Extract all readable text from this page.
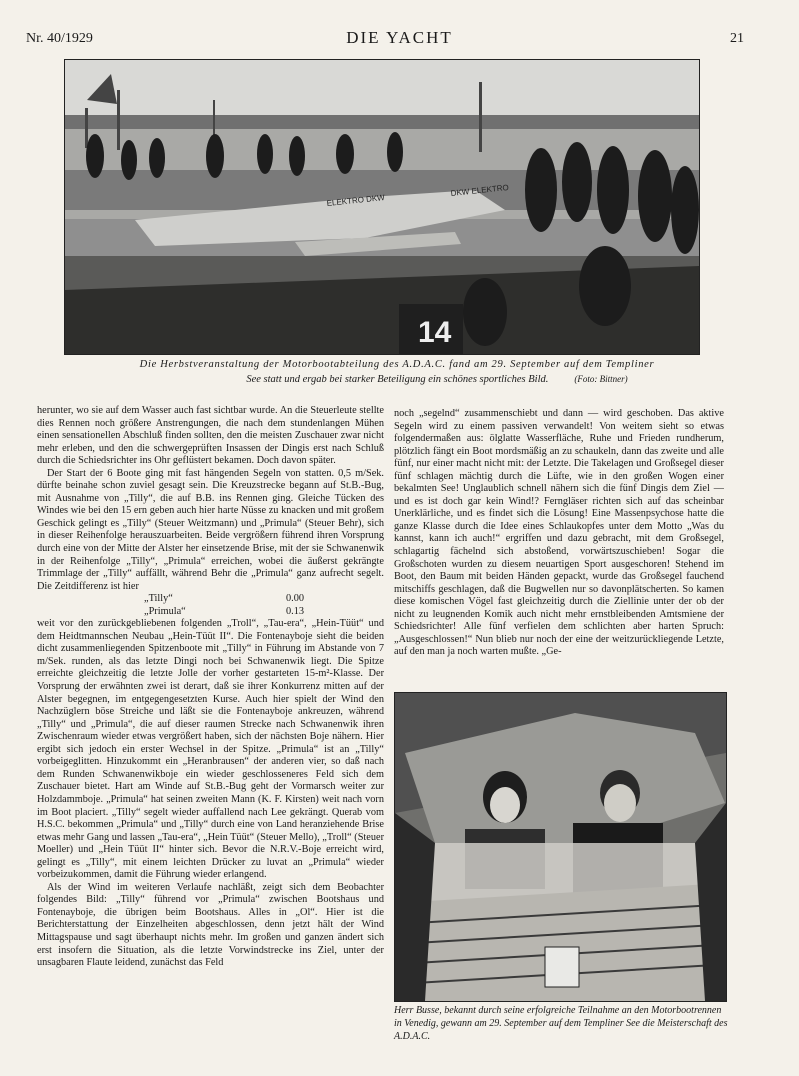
Nr. 40/1929	DIE YACHT	21
14
ELEKTRO DKW
DKW ELEKTRO
Die Herbstveranstaltung der Motorbootabteilung des A.D.A.C. fand am 29. September auf dem Templiner
See statt und ergab bei starker Beteiligung ein schönes sportliches Bild.	(Foto: Bittner)

herunter, wo sie auf dem Wasser auch fast sichtbar wurde. An die Steuerleute stellte dies Rennen noch größere Anstrengungen, die nach dem stundenlangen Mühen einen sensationellen Abschluß finden sollten, den die meisten Zuschauer zwar nicht mehr erleben, und den die schwergeprüften Insassen der Dingis erst nach Schluß durch die Schiedsrichter ins Ohr geflüstert bekamen. Doch davon später.

Der Start der 6 Boote ging mit fast hängenden Segeln von statten. 0,5 m/Sek. dürfte beinahe schon zuviel gesagt sein. Die Kreuzstrecke begann auf St.B.-Bug, mit Ausnahme von „Tilly“, die auf B.B. ins Rennen ging. Gleiche Tücken des Windes wie bei den 15 ern geben auch hier harte Nüsse zu knacken und mit großem Geschick gelingt es „Tilly“ (Steuer Weitzmann) und „Primula“ (Steuer Behr), sich in dieser Reihenfolge herauszuarbeiten. Beide vergrößern führend ihren Vorsprung durch eine von der Mitte der Alster her einsetzende Brise, mit der sie Schwanenwik in der Reihenfolge „Tilly“, „Primula“ erreichen, wobei die äußerst gekrängte Trimmlage der „Tilly“ auffällt, während Behr die „Primula“ ganz aufrecht segelt. Die Zeitdifferenz ist hier

„Tilly“	0.00
„Primula“	0.13

weit vor den zurückgebliebenen folgenden „Troll“, „Tau-era“, „Hein-Tüüt“ und dem Heidtmannschen Neubau „Hein-Tüüt II“. Die Fontenayboje sieht die beiden dicht zusammenliegenden Spitzenboote mit „Tilly“ in Führung im Abstande von 7 m/Sek. runden, als das letzte Dingi noch bei Schwanenwik liegt. Die Spitze erreichte gleichzeitig die letzte Jolle der vorher gestarteten 15-m²-Klasse. Der Vorsprung der erwähnten zwei ist derart, daß sie ihrer Konkurrenz mitten auf der Alster begegnen, im entgegengesetzten Kurse. Auch hier spielt der Wind den Nachzüglern böse Streiche und läßt sie die Fontenayboje ankreuzen, während „Tilly“ und „Primula“, die auf dieser raumen Strecke nach Schwanenwik ihren Zwischenraum wieder etwas vergrößert haben, sich der nächsten Boje nähern. Hier ergibt sich jedoch ein erster Wechsel in der Spitze. „Primula“ ist an „Tilly“ vorbeigeglitten. Hinzukommt ein „Heranbrausen“ der anderen vier, so daß nach dem Runden Schwanenwikboje ein wieder geschlosseneres Feld sich dem Zuschauer bietet. Hart am Winde auf St.B.-Bug geht der Vormarsch weiter zur Holzdammboje. „Primula“ hat seinen zweiten Mann (K. F. Kirsten) weit nach vorn im Boot placiert. „Tilly“ segelt wieder auffallend nach Lee gekrängt. Querab vom H.S.C. bekommen „Primula“ und „Tilly“ durch eine von Land heranziehende Brise etwas mehr Gang und lassen „Tau-era“, „Hein Tüüt“ (Steuer Mello), „Troll“ (Steuer Moeller) und „Hein Tüüt II“ hinter sich. Bevor die N.R.V.-Boje erreicht wird, gelingt es „Tilly“, mit einem leichten Drücker zu luvat an „Primula“ wieder vorbeizukommen, damit die Führung wieder erlangend.

Als der Wind im weiteren Verlaufe nachläßt, zeigt sich dem Beobachter folgendes Bild: „Tilly“ führend vor „Primula“ zwischen Bootshaus und Fontenayboje, die übrigen beim Bootshaus. Alles in „Ol“. Hier ist die Berichterstattung der Einzelheiten abgeschlossen, denn jetzt hält der Wind Mittagspause und sagt überhaupt nichts mehr. Im großen und ganzen ändert sich erst insofern die Situation, als die letzte Vorwindstrecke ins Ziel, unter der unsagbaren Flaute leidend, zunächst das Feld

noch „segelnd“ zusammenschiebt und dann — wird geschoben. Das aktive Segeln wird zu einem passiven verwandelt! Von weitem sieht so etwas folgendermaßen aus: ölglatte Wasserfläche, Ruhe und Frieden rundherum, plötzlich fängt ein Boot mordsmäßig an zu schaukeln, dann das zweite und alle fünf, nur einer macht nicht mit: der Letzte. Die Takelagen und Großsegel dieser fünf schlagen mächtig durch die Lüfte, wie in den großen Wogen einer bekalmten See! Unglaublich schnell nähern sich die fünf Dingis dem Ziel — und es ist doch gar kein Wind!? Ferngläser richten sich auf das scheinbar Unerklärliche, und es findet sich die Lösung! Eine Massenpsychose hatte die ganze Klasse durch die Idee eines Schlaukopfes unter dem Motto „Was du kannst, kann ich auch!“ ergriffen und dazu gebracht, mit dem Großsegel, schlagartig fächelnd sich abstoßend, vorwärtszuschieben! Sogar die Großschoten wurden zu diesem neuartigen Sport ausgeschoren! Stehend im Boot, den Baum mit beiden Händen gepackt, wurde das Großsegel fauchend mitschiffs geschlagen, daß die Bugwellen nur so davonplätscherten. So kamen diese komischen Vögel fast gleichzeitig durch die Ziellinie unter der ob der nicht zu leugnenden Komik auch nicht mehr ernstbleibenden Amtsmiene der Schiedsrichter! Alle fünf verfielen dem schlichten aber harten Spruch: „Ausgeschlossen!“ Nun blieb nur noch der eine der weitzurückliegende Letzte, auf den man ja noch warten mußte. „Ge-

Herr Busse, bekannt durch seine erfolgreiche Teilnahme an den Motorbootrennen in Venedig, gewann am 29. September auf dem Templiner See die Meisterschaft des A.D.A.C.
